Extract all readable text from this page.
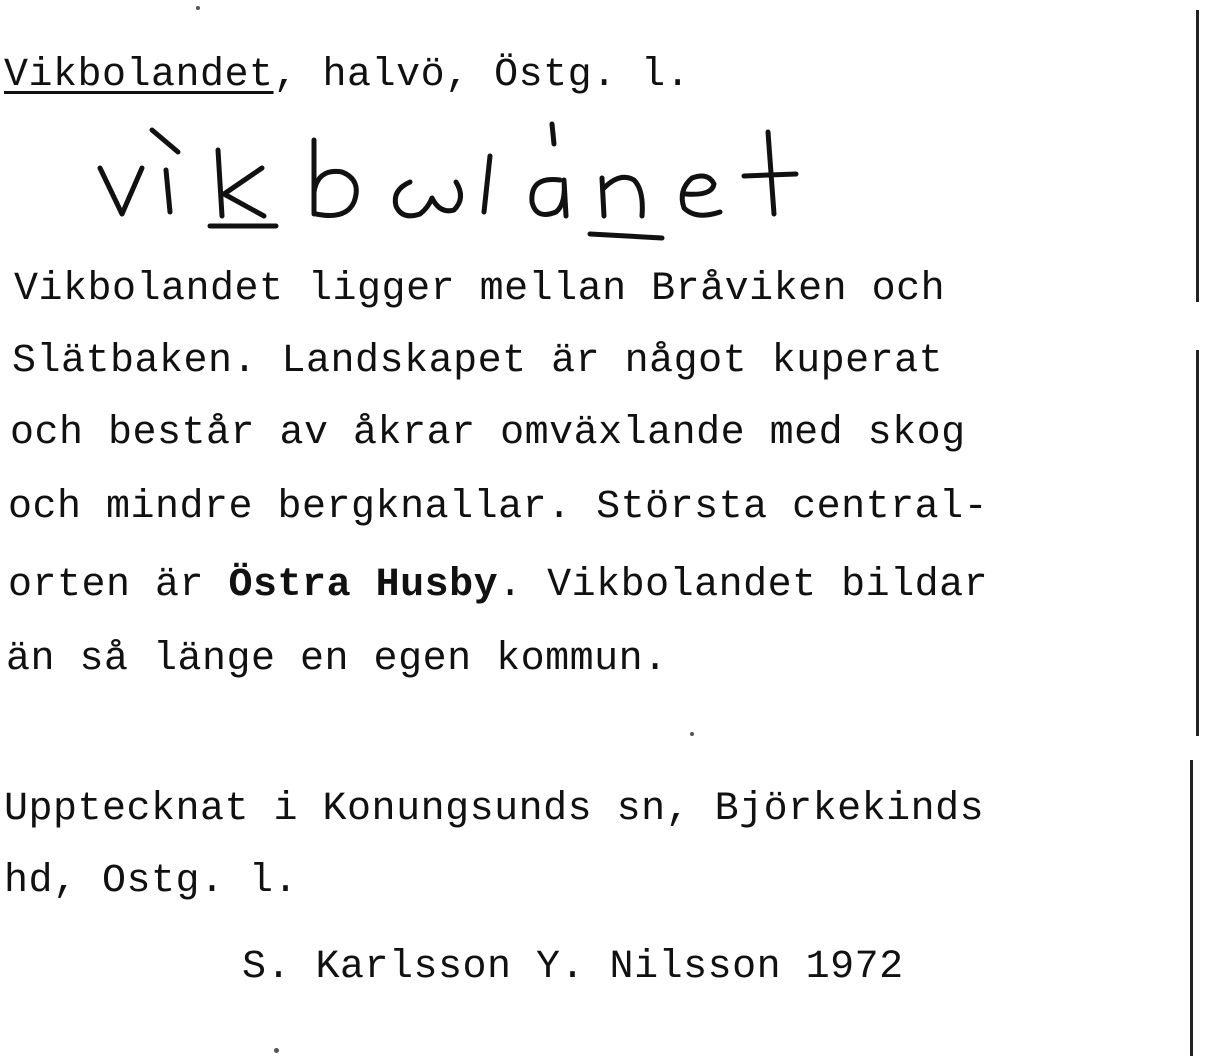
Vikbolandet, halvö, Östg. l.
Vikbolandet ligger mellan Bråviken och
Slätbaken. Landskapet är något kuperat
och består av åkrar omväxlande med skog
och mindre bergknallar. Största central-
orten är Östra Husby. Vikbolandet bildar
än så länge en egen kommun.
Upptecknat i Konungsunds sn, Björkekinds
hd, Ostg. l.
S. Karlsson Y. Nilsson 1972
